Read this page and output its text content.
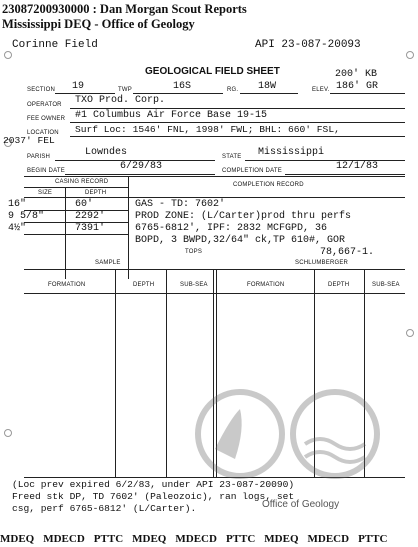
23087200930000 : Dan Morgan Scout Reports
Mississippi DEQ - Office of Geology
Corinne Field	API 23-087-20093
GEOLOGICAL FIELD SHEET	200' KB
SECTION 19	TWP	16S	RG. 18W	ELEV. 186' GR
OPERATOR TXO Prod. Corp.
FEE OWNER #1 Columbus Air Force Base 19-15
LOCATION Surf Loc: 1546' FNL, 1998' FWL; BHL: 660' FSL,
2037' FEL
PARISH	Lowndes	STATE Mississippi
BEGIN DATE	6/29/83	COMPLETION DATE	12/1/83
CASING RECORD	COMPLETION RECORD
SIZE	DEPTH
16"	60'
9 5/8"	2292'
4½"	7391'
GAS - TD: 7602'
PROD ZONE: (L/Carter)prod thru perfs
6765-6812', IPF: 2832 MCFGPD, 36
BOPD, 3 BWPD,32/64" ck,TP 610#, GOR
78,667-1.
TOPS
SAMPLE	SCHLUMBERGER
FORMATION	DEPTH	SUB-SEA	FORMATION	DEPTH	SUB-SEA
Office of Geology
(Loc prev expired 6/2/83, under API 23-087-20090)
Freed stk DP, TD 7602' (Paleozoic), ran logs, set
csg, perf 6765-6812' (L/Carter).
MDEQ MDECD PTTC MDEQ MDECD PTTC MDEQ MDECD PTTC
